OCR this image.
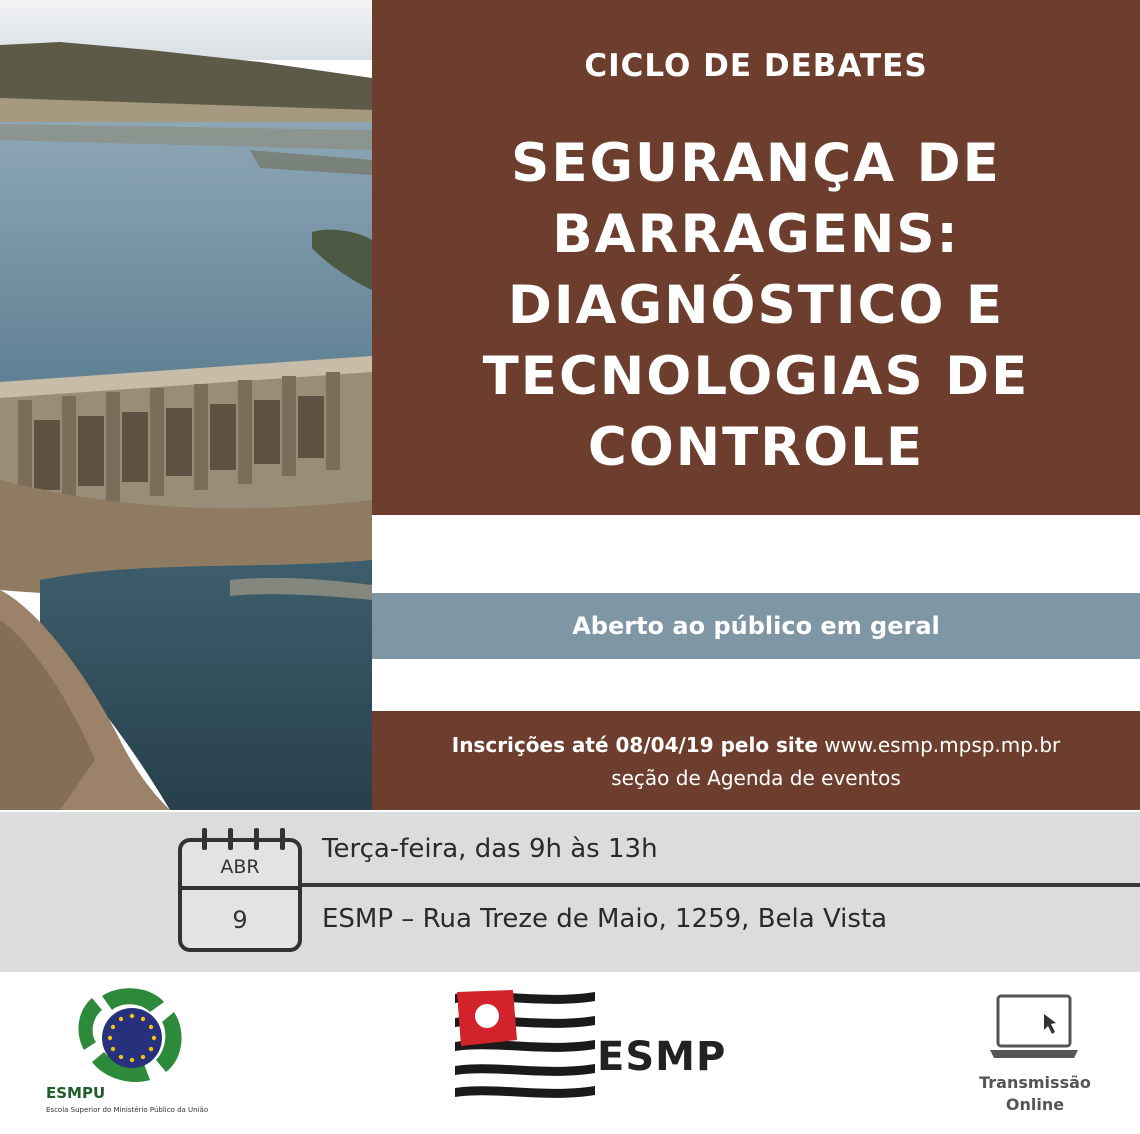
CICLO DE DEBATES
SEGURANÇA DE
BARRAGENS:
DIAGNÓSTICO E
TECNOLOGIAS DE
CONTROLE
Aberto ao público em geral
Inscrições até 08/04/19 pelo site www.esmp.mpsp.mp.br
seção de Agenda de eventos
ABR
9
Terça-feira, das 9h às 13h
ESMP – Rua Treze de Maio, 1259, Bela Vista
ESMPU
Escola Superior do Ministério Público da União
ESMP
Transmissão
Online
